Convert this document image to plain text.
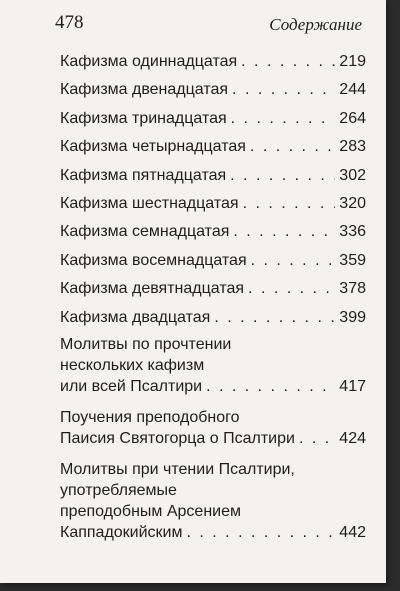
478	Содержание
Кафизма одиннадцатая . . .	219
Кафизма двенадцатая . . .	244
Кафизма тринадцатая . . .	264
Кафизма четырнадцатая . . .	283
Кафизма пятнадцатая . . .	302
Кафизма шестнадцатая . . .	320
Кафизма семнадцатая . . .	336
Кафизма восемнадцатая . . .	359
Кафизма девятнадцатая . . .	378
Кафизма двадцатая . . .	399
Молитвы по прочтении
нескольких кафизм
или всей Псалтири . . .	417
Поучения преподобного
Паисия Святогорца о Псалтири . . .	424
Молитвы при чтении Псалтири,
употребляемые
преподобным Арсением
Каппадокийским . . .	442
